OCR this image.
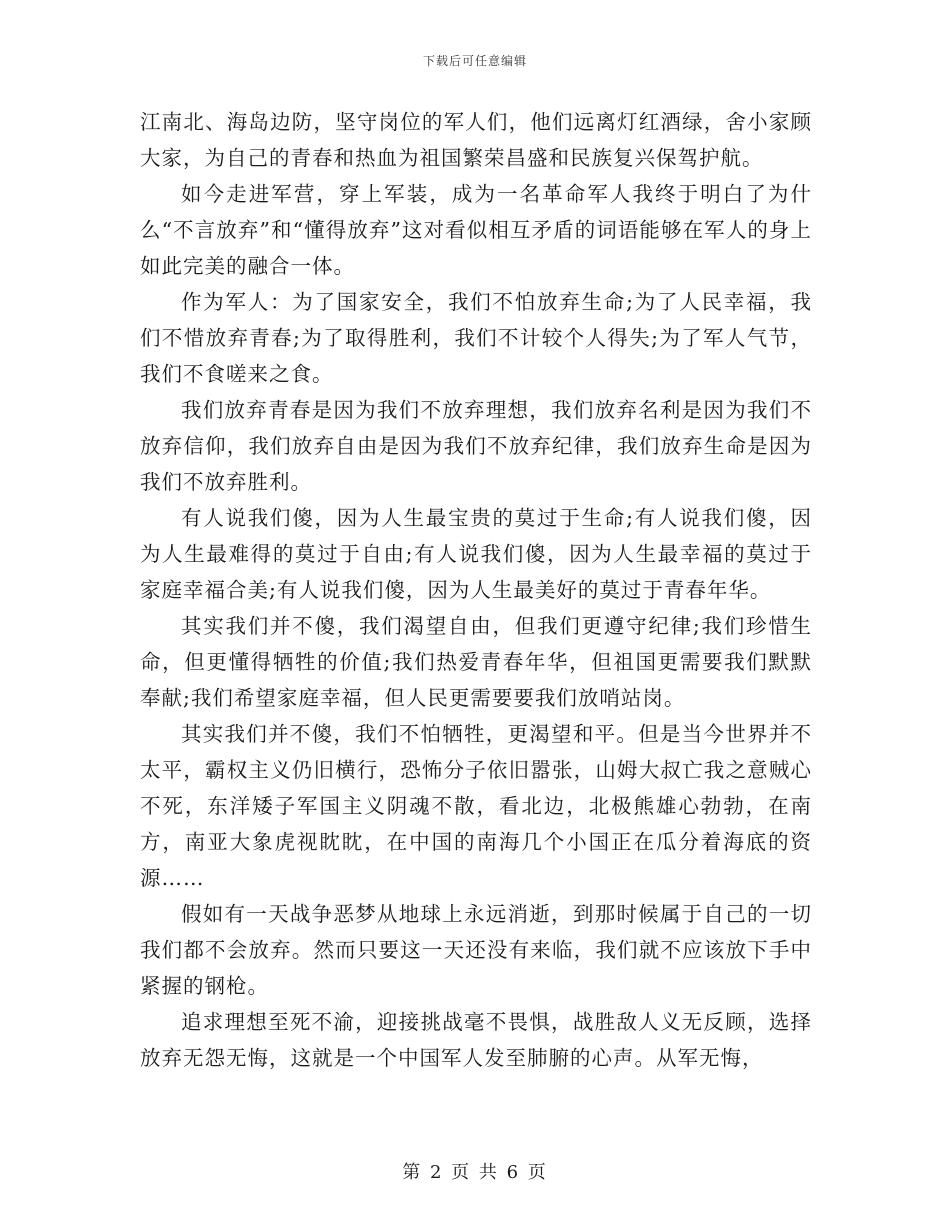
下载后可任意编辑

江南北、海岛边防，坚守岗位的军人们，他们远离灯红酒绿，舍小家顾大家，为自己的青春和热血为祖国繁荣昌盛和民族复兴保驾护航。

如今走进军营，穿上军装，成为一名革命军人我终于明白了为什么“不言放弃”和“懂得放弃”这对看似相互矛盾的词语能够在军人的身上如此完美的融合一体。

作为军人：为了国家安全，我们不怕放弃生命;为了人民幸福，我们不惜放弃青春;为了取得胜利，我们不计较个人得失;为了军人气节，我们不食嗟来之食。

我们放弃青春是因为我们不放弃理想，我们放弃名利是因为我们不放弃信仰，我们放弃自由是因为我们不放弃纪律，我们放弃生命是因为我们不放弃胜利。

有人说我们傻，因为人生最宝贵的莫过于生命;有人说我们傻，因为人生最难得的莫过于自由;有人说我们傻，因为人生最幸福的莫过于家庭幸福合美;有人说我们傻，因为人生最美好的莫过于青春年华。

其实我们并不傻，我们渴望自由，但我们更遵守纪律;我们珍惜生命，但更懂得牺牲的价值;我们热爱青春年华，但祖国更需要我们默默奉献;我们希望家庭幸福，但人民更需要要我们放哨站岗。

其实我们并不傻，我们不怕牺牲，更渴望和平。但是当今世界并不太平，霸权主义仍旧横行，恐怖分子依旧嚣张，山姆大叔亡我之意贼心不死，东洋矮子军国主义阴魂不散，看北边，北极熊雄心勃勃，在南方，南亚大象虎视眈眈，在中国的南海几个小国正在瓜分着海底的资源……

假如有一天战争恶梦从地球上永远消逝，到那时候属于自己的一切我们都不会放弃。然而只要这一天还没有来临，我们就不应该放下手中紧握的钢枪。

追求理想至死不渝，迎接挑战毫不畏惧，战胜敌人义无反顾，选择放弃无怨无悔，这就是一个中国军人发至肺腑的心声。从军无悔，

第 2 页 共 6 页
